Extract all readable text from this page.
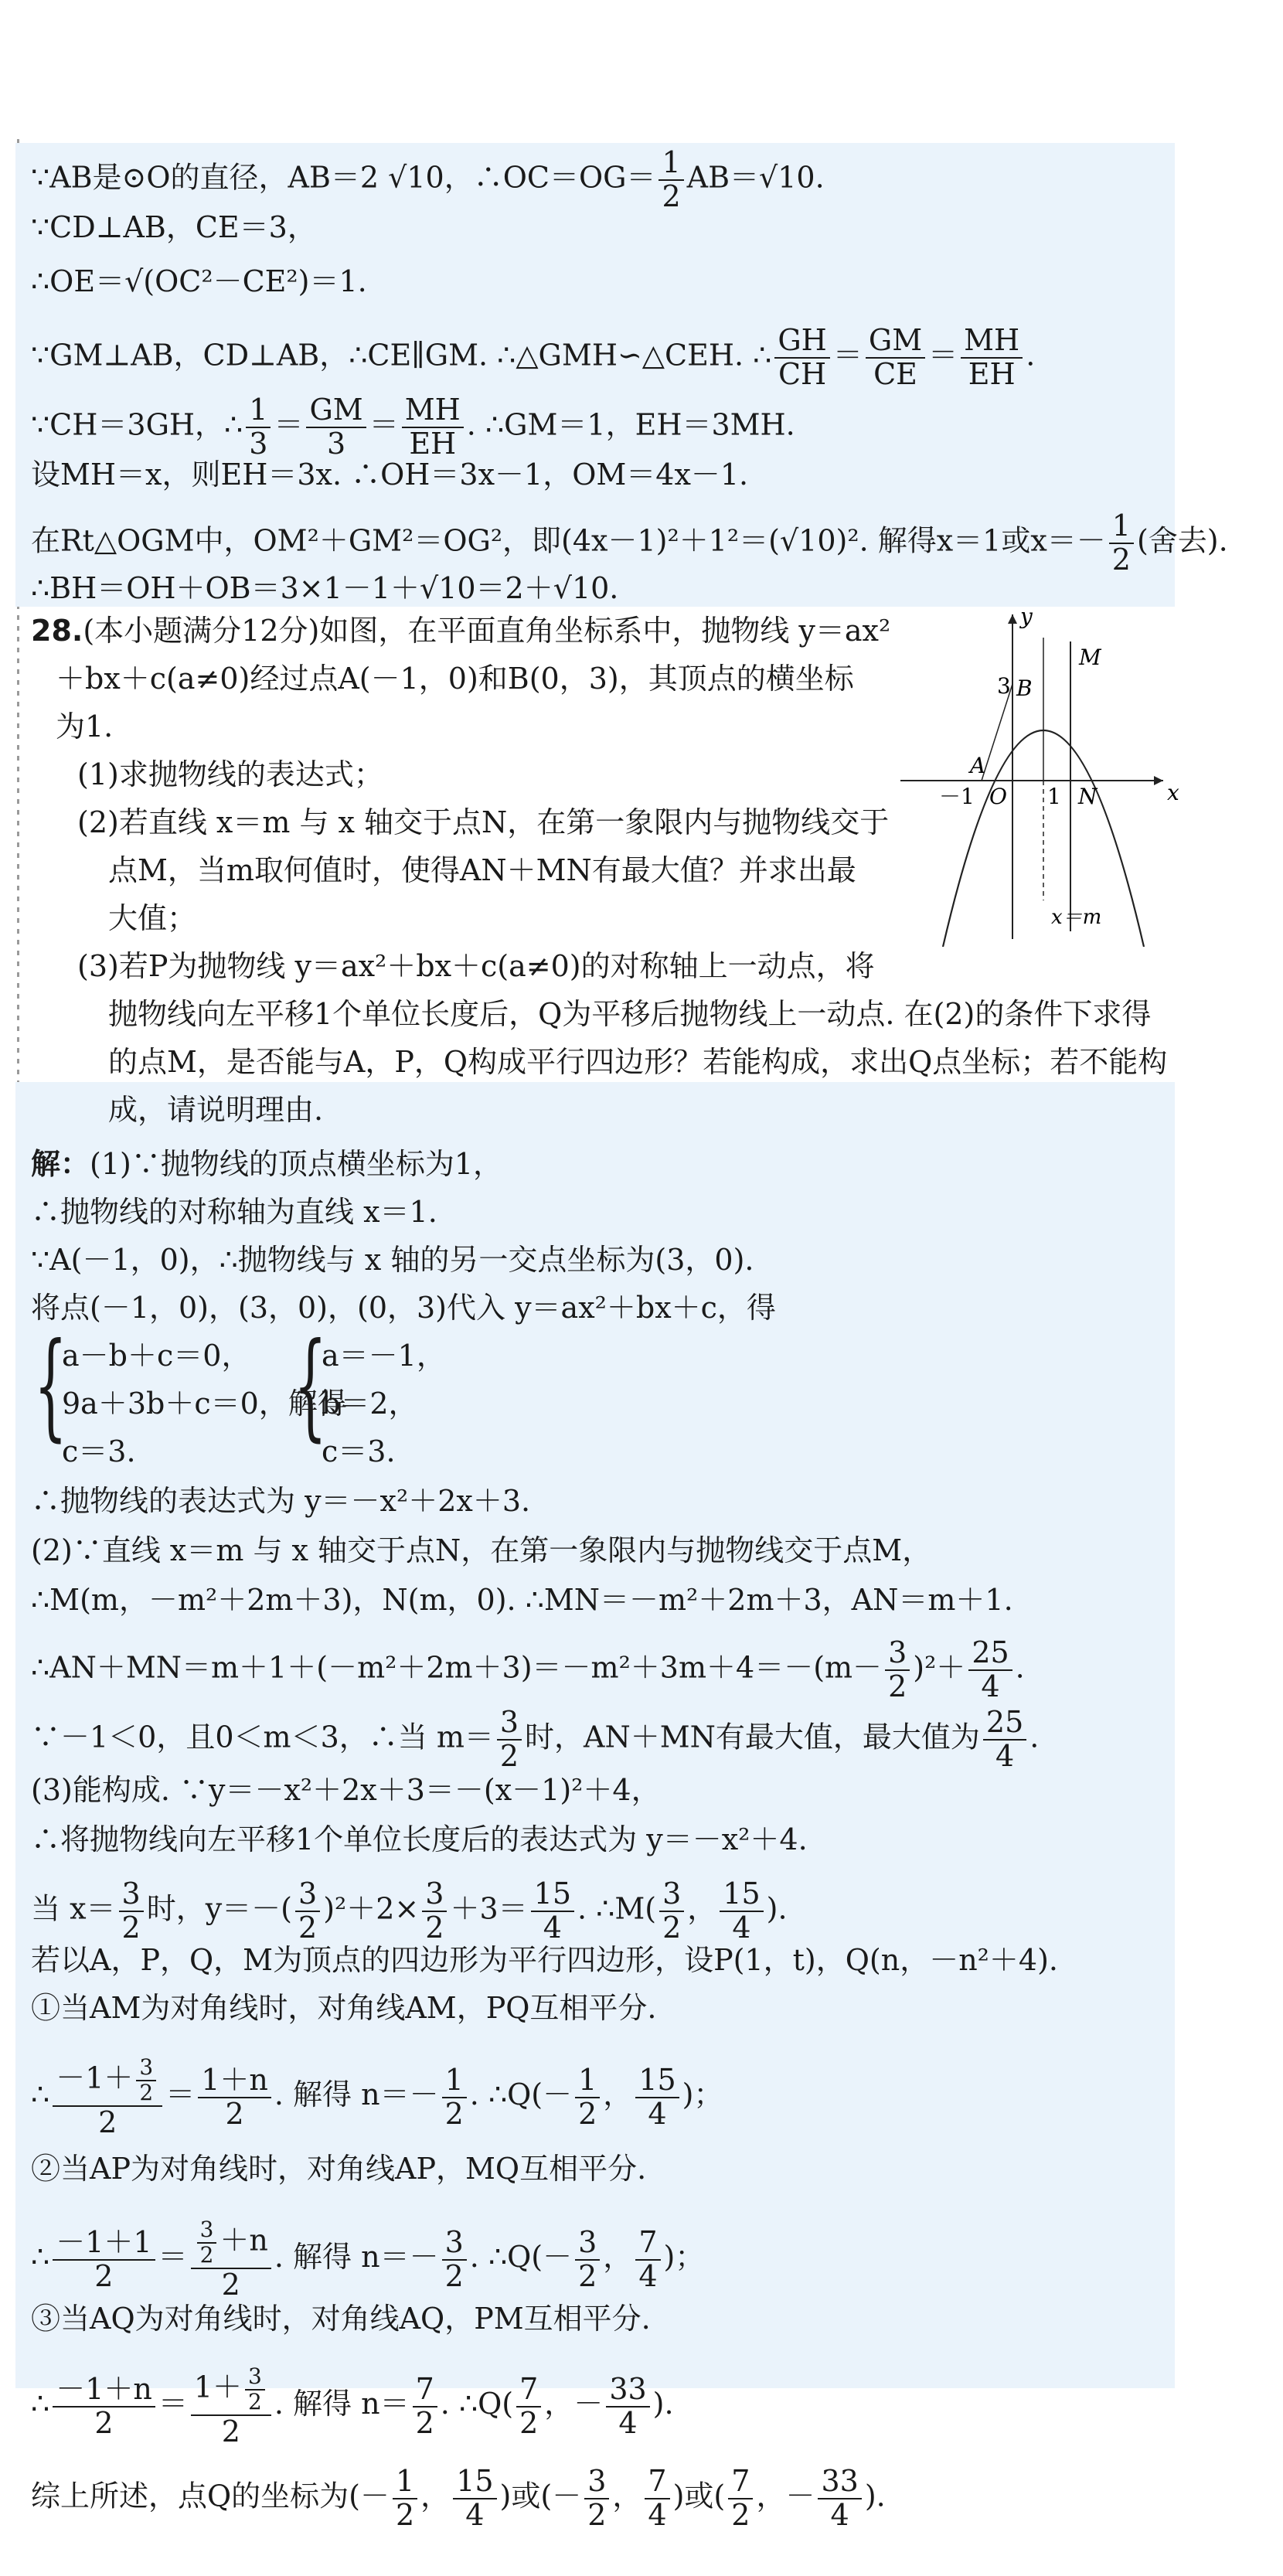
∵AB是⊙O的直径，AB＝2 √10，∴OC＝OG＝ $\frac{1}{2} AB=√10$.
∵CD⊥AB，CE＝3，
∴OE＝√(OC²－CE²)＝1.
∵GM⊥AB，CD⊥AB，∴CE∥GM. ∴△GMH∽△CEH. ∴ $\frac{GH}{CH} = \frac{GM}{CE} = \frac{MH}{EH}$ .
∵CH＝3GH，∴ $\frac{1}{3} = \frac{GM}{3} = \frac{MH}{EH}$ . ∴GM＝1，EH＝3MH.
设MH＝x，则EH＝3x. ∴OH＝3x－1，OM＝4x－1.
在Rt△OGM中，OM²＋GM²＝OG²，即(4x－1)²＋1²＝(√10)². 解得x＝1或$x=- \frac{1}{2}$ (舍去).
∴BH＝OH＋OB＝3×1－1＋√10＝2＋√10.
28.(本小题满分12分)如图，在平面直角坐标系中，抛物线 y＝ax²
＋bx＋c(a≠0)经过点A(－1，0)和B(0，3)，其顶点的横坐标
为1.
(1)求抛物线的表达式；
(2)若直线 x＝m 与 x 轴交于点N，在第一象限内与抛物线交于
点M，当m取何值时，使得AN＋MN有最大值？并求出最
大值；
(3)若P为抛物线 y＝ax²＋bx＋c(a≠0)的对称轴上一动点，将
抛物线向左平移1个单位长度后，Q为平移后抛物线上一动点. 在(2)的条件下求得
的点M，是否能与A，P，Q构成平行四边形？若能构成，求出Q点坐标；若不能构
成，请说明理由.
y
x
3 B
M
A
－1 O 1 N
x＝m
解：(1)∵抛物线的顶点横坐标为1，
∴抛物线的对称轴为直线 x＝1.
∵A(－1，0)，∴抛物线与 x 轴的另一交点坐标为(3，0).
将点(－1，0)，(3，0)，(0，3)代入 y＝ax²＋bx＋c，得
{
a－b＋c＝0，
9a＋3b＋c＝0，解得
c＝3. {
a＝－1，
b＝2，
c＝3.
∴抛物线的表达式为 y＝－x²＋2x＋3.
(2)∵直线 x＝m 与 x 轴交于点N，在第一象限内与抛物线交于点M，
∴M(m，－m²＋2m＋3)，N(m，0). ∴MN＝－m²＋2m＋3，AN＝m＋1.
∴AN＋MN＝m＋1＋(－m²＋2m＋3)＝－m²＋3m＋4＝－(m－ $\frac{3}{2} )^2+ \frac{25}{4}$ .
∵－1＜0，且0＜m＜3，∴当 $m= \frac{3}{2}$ 时，AN＋MN有最大值，最大值为 $\frac{25}{4}$ .
(3)能构成. ∵y＝－x²＋2x＋3＝－(x－1)²＋4，
∴将抛物线向左平移1个单位长度后的表达式为 y＝－x²＋4.
当 $x= \frac{3}{2}$ 时，$y=-( \frac{3}{2} )^2+2\times \frac{3}{2} +3= \frac{15}{4}$ . ∴M( $\frac{3}{2}$ ， $\frac{15}{4}$ ).
若以A，P，Q，M为顶点的四边形为平行四边形，设P(1，t)，Q(n，－n²＋4).
①当AM为对角线时，对角线AM，PQ互相平分.
∴ $\frac{-1+ \frac{3}{2}}{2} = \frac{1+n}{2}$ . 解得 $n=- \frac{1}{2}$ . ∴Q(－ $\frac{1}{2}$ ， $\frac{15}{4}$ )；
②当AP为对角线时，对角线AP，MQ互相平分.
∴ $\frac{-1+1}{2} = \frac{\frac{3}{2} +n}{2}$ . 解得 $n=- \frac{3}{2}$ . ∴Q(－ $\frac{3}{2}$ ， $\frac{7}{4}$ )；
③当AQ为对角线时，对角线AQ，PM互相平分.
∴ $\frac{-1+n}{2} = \frac{1+ \frac{3}{2}}{2}$ . 解得 $n= \frac{7}{2}$ . ∴Q( $\frac{7}{2}$ ，－ $\frac{33}{4}$ ).
综上所述，点Q的坐标为(－ $\frac{1}{2}$ ， $\frac{15}{4}$ )或(－ $\frac{3}{2}$ ， $\frac{7}{4}$ )或( $\frac{7}{2}$ ，－ $\frac{33}{4}$ ).
